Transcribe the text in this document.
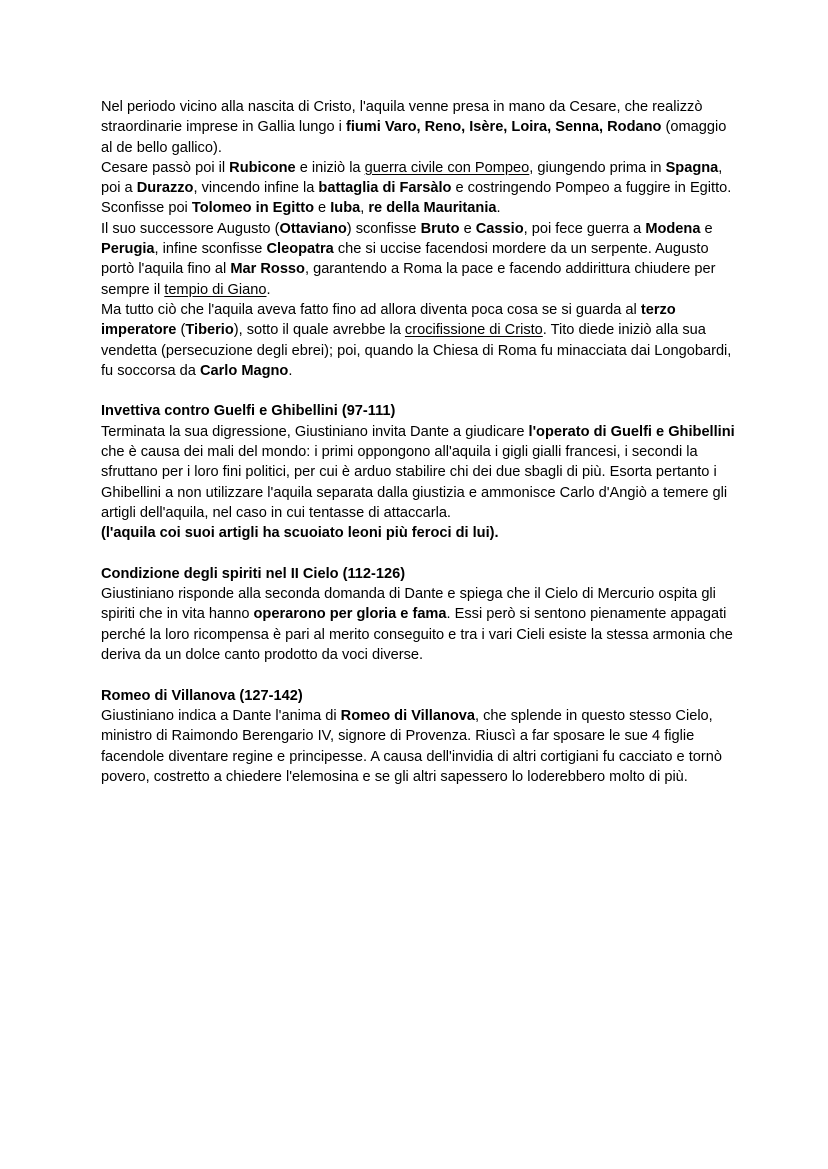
Nel periodo vicino alla nascita di Cristo, l'aquila venne presa in mano da Cesare, che realizzò straordinarie imprese in Gallia lungo i fiumi Varo, Reno, Isère, Loira, Senna, Rodano (omaggio al de bello gallico).

Cesare passò poi il Rubicone e iniziò la guerra civile con Pompeo, giungendo prima in Spagna, poi a Durazzo, vincendo infine la battaglia di Farsàlo e costringendo Pompeo a fuggire in Egitto.

Sconfisse poi Tolomeo in Egitto e Iuba, re della Mauritania.

Il suo successore Augusto (Ottaviano) sconfisse Bruto e Cassio, poi fece guerra a Modena e Perugia, infine sconfisse Cleopatra che si uccise facendosi mordere da un serpente. Augusto portò l'aquila fino al Mar Rosso, garantendo a Roma la pace e facendo addirittura chiudere per sempre il tempio di Giano.

Ma tutto ciò che l'aquila aveva fatto fino ad allora diventa poca cosa se si guarda al terzo imperatore (Tiberio), sotto il quale avrebbe la crocifissione di Cristo. Tito diede iniziò alla sua vendetta (persecuzione degli ebrei); poi, quando la Chiesa di Roma fu minacciata dai Longobardi, fu soccorsa da Carlo Magno.

Invettiva contro Guelfi e Ghibellini (97-111)

Terminata la sua digressione, Giustiniano invita Dante a giudicare l'operato di Guelfi e Ghibellini che è causa dei mali del mondo: i primi oppongono all'aquila i gigli gialli francesi, i secondi la sfruttano per i loro fini politici, per cui è arduo stabilire chi dei due sbagli di più. Esorta pertanto i Ghibellini a non utilizzare l'aquila separata dalla giustizia e ammonisce Carlo d'Angiò a temere gli artigli dell'aquila, nel caso in cui tentasse di attaccarla.

(l'aquila coi suoi artigli ha scuoiato leoni più feroci di lui).

Condizione degli spiriti nel II Cielo (112-126)

Giustiniano risponde alla seconda domanda di Dante e spiega che il Cielo di Mercurio ospita gli spiriti che in vita hanno operarono per gloria e fama. Essi però si sentono pienamente appagati perché la loro ricompensa è pari al merito conseguito e tra i vari Cieli esiste la stessa armonia che deriva da un dolce canto prodotto da voci diverse.

Romeo di Villanova (127-142)

Giustiniano indica a Dante l'anima di Romeo di Villanova, che splende in questo stesso Cielo, ministro di Raimondo Berengario IV, signore di Provenza. Riuscì a far sposare le sue 4 figlie facendole diventare regine e principesse. A causa dell'invidia di altri cortigiani fu cacciato e tornò povero, costretto a chiedere l'elemosina e se gli altri sapessero lo loderebbero molto di più.
